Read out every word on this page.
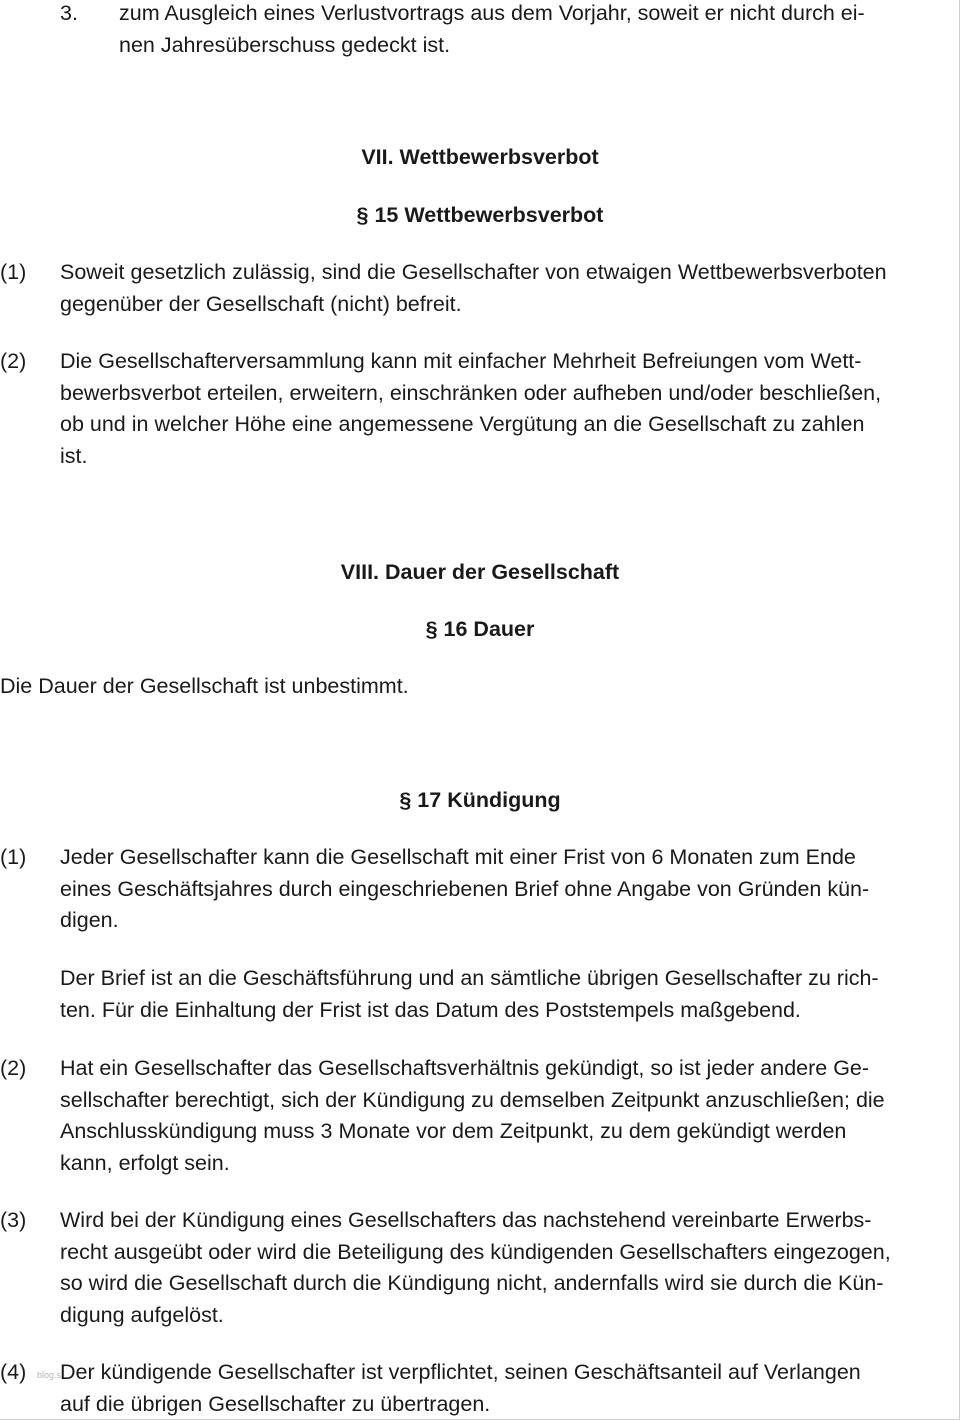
3. zum Ausgleich eines Verlustvortrags aus dem Vorjahr, soweit er nicht durch ei-
nen Jahresüberschuss gedeckt ist.
VII. Wettbewerbsverbot
§ 15 Wettbewerbsverbot
(1) Soweit gesetzlich zulässig, sind die Gesellschafter von etwaigen Wettbewerbsverboten
gegenüber der Gesellschaft (nicht) befreit.
(2) Die Gesellschafterversammlung kann mit einfacher Mehrheit Befreiungen vom Wett-
bewerbsverbot erteilen, erweitern, einschränken oder aufheben und/oder beschließen,
ob und in welcher Höhe eine angemessene Vergütung an die Gesellschaft zu zahlen
ist.
VIII. Dauer der Gesellschaft
§ 16 Dauer
Die Dauer der Gesellschaft ist unbestimmt.
§ 17 Kündigung
(1) Jeder Gesellschafter kann die Gesellschaft mit einer Frist von 6 Monaten zum Ende
eines Geschäftsjahres durch eingeschriebenen Brief ohne Angabe von Gründen kün-
digen.
Der Brief ist an die Geschäftsführung und an sämtliche übrigen Gesellschafter zu rich-
ten. Für die Einhaltung der Frist ist das Datum des Poststempels maßgebend.
(2) Hat ein Gesellschafter das Gesellschaftsverhältnis gekündigt, so ist jeder andere Ge-
sellschafter berechtigt, sich der Kündigung zu demselben Zeitpunkt anzuschließen; die
Anschlusskündigung muss 3 Monate vor dem Zeitpunkt, zu dem gekündigt werden
kann, erfolgt sein.
(3) Wird bei der Kündigung eines Gesellschafters das nachstehend vereinbarte Erwerbs-
recht ausgeübt oder wird die Beteiligung des kündigenden Gesellschafters eingezogen,
so wird die Gesellschaft durch die Kündigung nicht, andernfalls wird sie durch die Kün-
digung aufgelöst.
(4) Der kündigende Gesellschafter ist verpflichtet, seinen Geschäftsanteil auf Verlangen
auf die übrigen Gesellschafter zu übertragen.
blog.s
